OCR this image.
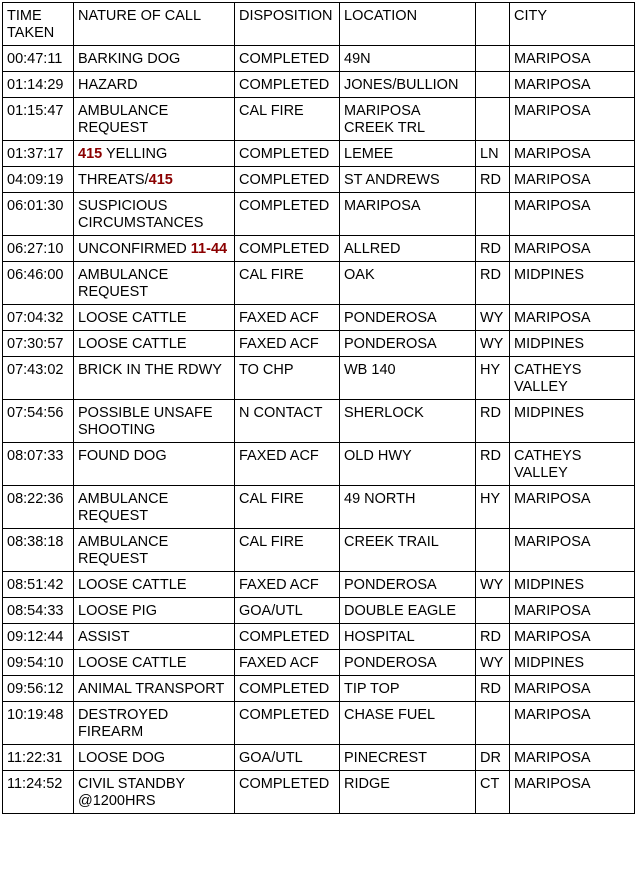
TIME TAKEN	NATURE OF CALL	DISPOSITION	LOCATION		CITY
00:47:11	BARKING DOG	COMPLETED	49N		MARIPOSA
01:14:29	HAZARD	COMPLETED	JONES/BULLION		MARIPOSA
01:15:47	AMBULANCE REQUEST	CAL FIRE	MARIPOSA CREEK TRL		MARIPOSA
01:37:17	415 YELLING	COMPLETED	LEMEE	LN	MARIPOSA
04:09:19	THREATS/415	COMPLETED	ST ANDREWS	RD	MARIPOSA
06:01:30	SUSPICIOUS CIRCUMSTANCES	COMPLETED	MARIPOSA		MARIPOSA
06:27:10	UNCONFIRMED 11-44	COMPLETED	ALLRED	RD	MARIPOSA
06:46:00	AMBULANCE REQUEST	CAL FIRE	OAK	RD	MIDPINES
07:04:32	LOOSE CATTLE	FAXED ACF	PONDEROSA	WY	MARIPOSA
07:30:57	LOOSE CATTLE	FAXED ACF	PONDEROSA	WY	MIDPINES
07:43:02	BRICK IN THE RDWY	TO CHP	WB 140	HY	CATHEYS VALLEY
07:54:56	POSSIBLE UNSAFE SHOOTING	N CONTACT	SHERLOCK	RD	MIDPINES
08:07:33	FOUND DOG	FAXED ACF	OLD HWY	RD	CATHEYS VALLEY
08:22:36	AMBULANCE REQUEST	CAL FIRE	49 NORTH	HY	MARIPOSA
08:38:18	AMBULANCE REQUEST	CAL FIRE	CREEK TRAIL		MARIPOSA
08:51:42	LOOSE CATTLE	FAXED ACF	PONDEROSA	WY	MIDPINES
08:54:33	LOOSE PIG	GOA/UTL	DOUBLE EAGLE		MARIPOSA
09:12:44	ASSIST	COMPLETED	HOSPITAL	RD	MARIPOSA
09:54:10	LOOSE CATTLE	FAXED ACF	PONDEROSA	WY	MIDPINES
09:56:12	ANIMAL TRANSPORT	COMPLETED	TIP TOP	RD	MARIPOSA
10:19:48	DESTROYED FIREARM	COMPLETED	CHASE FUEL		MARIPOSA
11:22:31	LOOSE DOG	GOA/UTL	PINECREST	DR	MARIPOSA
11:24:52	CIVIL STANDBY @1200HRS	COMPLETED	RIDGE	CT	MARIPOSA
